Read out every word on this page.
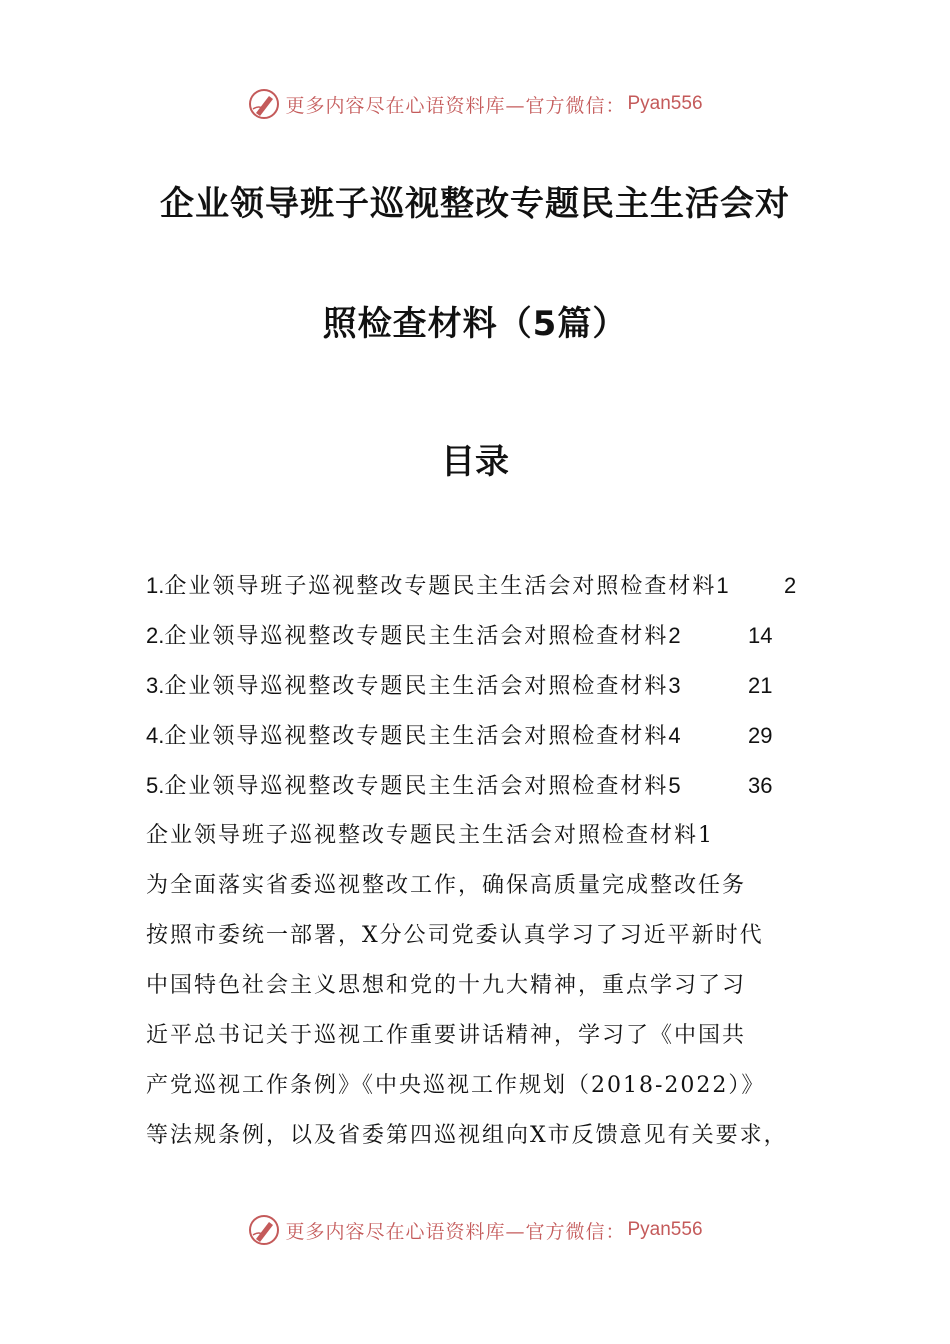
更多内容尽在心语资料库—官方微信： Pyan556
企业领导班子巡视整改专题民主生活会对
照检查材料（5篇）
目录
1.企业领导班子巡视整改专题民主生活会对照检查材料1	2
2.企业领导巡视整改专题民主生活会对照检查材料2	14
3.企业领导巡视整改专题民主生活会对照检查材料3	21
4.企业领导巡视整改专题民主生活会对照检查材料4	29
5.企业领导巡视整改专题民主生活会对照检查材料5	36

企业领导班子巡视整改专题民主生活会对照检查材料1

为全面落实省委巡视整改工作，确保高质量完成整改任务

按照市委统一部署，X分公司党委认真学习了习近平新时代

中国特色社会主义思想和党的十九大精神，重点学习了习

近平总书记关于巡视工作重要讲话精神，学习了《中国共

产党巡视工作条例》《中央巡视工作规划（2018-2022）》

等法规条例，以及省委第四巡视组向X市反馈意见有关要求，

更多内容尽在心语资料库—官方微信： Pyan556
